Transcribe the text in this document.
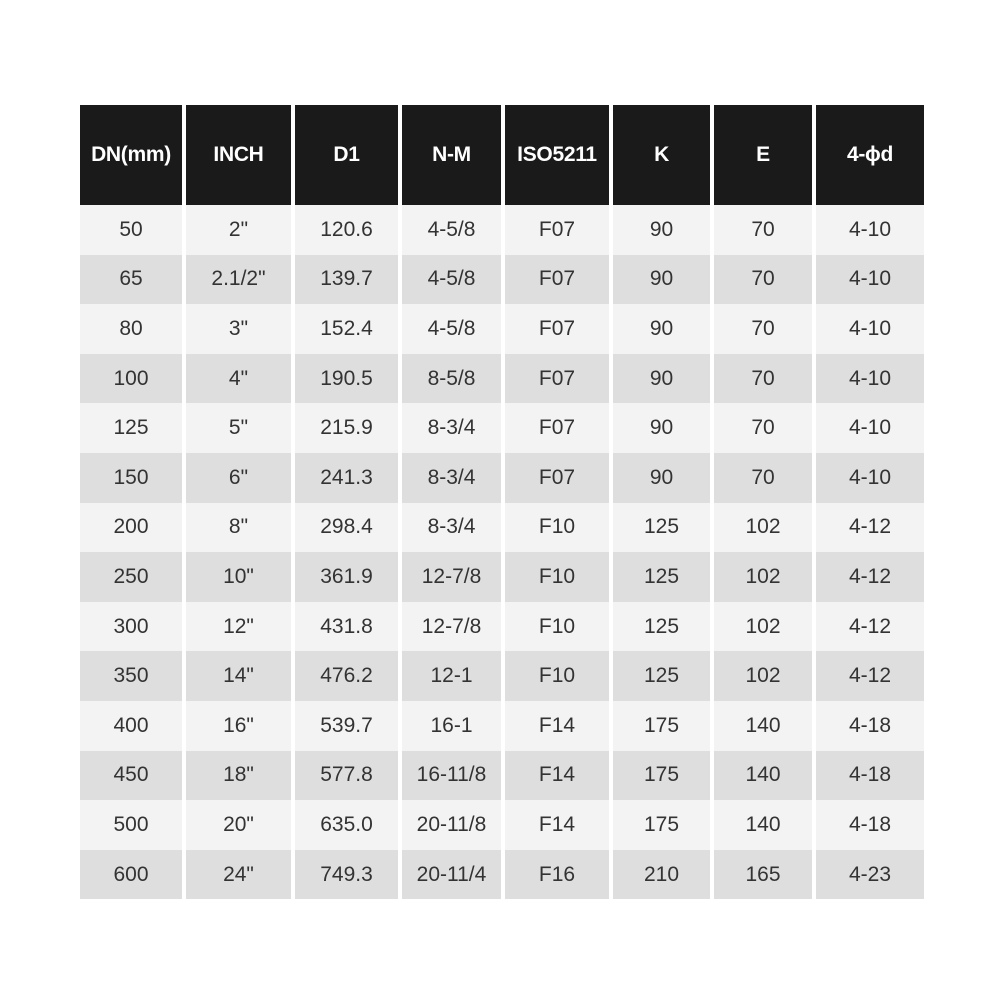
DN(mm)	INCH	D1	N-M	ISO5211	K	E	4-ϕd
50	2"	120.6	4-5/8	F07	90	70	4-10
65	2.1/2"	139.7	4-5/8	F07	90	70	4-10
80	3"	152.4	4-5/8	F07	90	70	4-10
100	4"	190.5	8-5/8	F07	90	70	4-10
125	5"	215.9	8-3/4	F07	90	70	4-10
150	6"	241.3	8-3/4	F07	90	70	4-10
200	8"	298.4	8-3/4	F10	125	102	4-12
250	10"	361.9	12-7/8	F10	125	102	4-12
300	12"	431.8	12-7/8	F10	125	102	4-12
350	14"	476.2	12-1	F10	125	102	4-12
400	16"	539.7	16-1	F14	175	140	4-18
450	18"	577.8	16-11/8	F14	175	140	4-18
500	20"	635.0	20-11/8	F14	175	140	4-18
600	24"	749.3	20-11/4	F16	210	165	4-23
